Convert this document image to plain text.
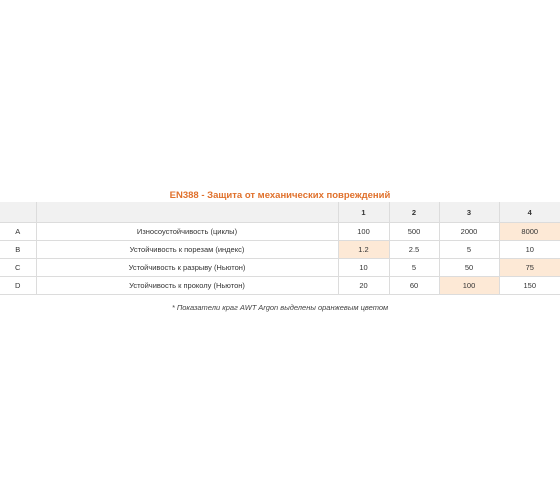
EN388 - Защита от механических повреждений
		1	2	3	4
A	Износоустойчивость (циклы)	100	500	2000	8000
B	Устойчивость к порезам (индекс)	1.2	2.5	5	10
C	Устойчивость к разрыву (Ньютон)	10	5	50	75
D	Устойчивость к проколу (Ньютон)	20	60	100	150
* Показатели краг AWT Argon выделены оранжевым цветом
